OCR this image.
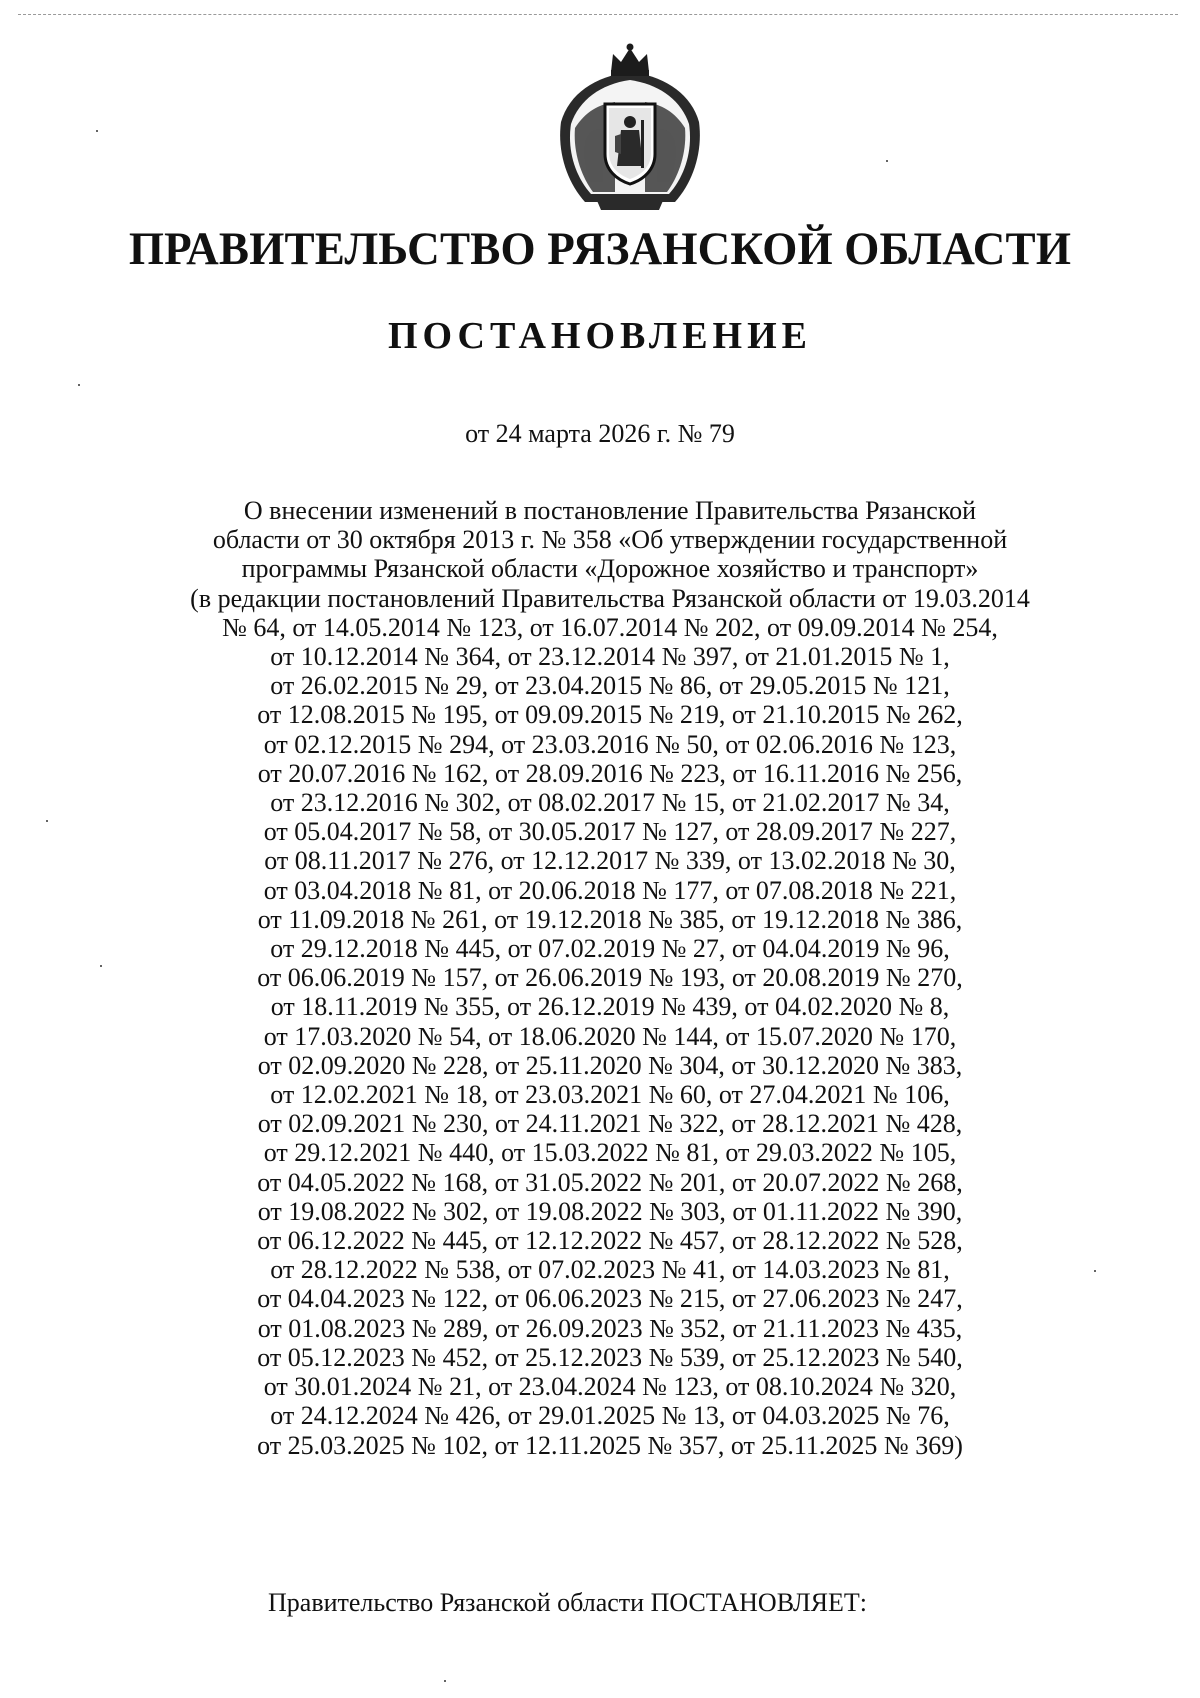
ПРАВИТЕЛЬСТВО РЯЗАНСКОЙ ОБЛАСТИ
ПОСТАНОВЛЕНИЕ

от 24 марта 2026 г. № 79

О внесении изменений в постановление Правительства Рязанской
области от 30 октября 2013 г. № 358 «Об утверждении государственной
программы Рязанской области «Дорожное хозяйство и транспорт»
(в редакции постановлений Правительства Рязанской области от 19.03.2014
№ 64, от 14.05.2014 № 123, от 16.07.2014 № 202, от 09.09.2014 № 254,
от 10.12.2014 № 364, от 23.12.2014 № 397, от 21.01.2015 № 1,
от 26.02.2015 № 29, от 23.04.2015 № 86, от 29.05.2015 № 121,
от 12.08.2015 № 195, от 09.09.2015 № 219, от 21.10.2015 № 262,
от 02.12.2015 № 294, от 23.03.2016 № 50, от 02.06.2016 № 123,
от 20.07.2016 № 162, от 28.09.2016 № 223, от 16.11.2016 № 256,
от 23.12.2016 № 302, от 08.02.2017 № 15, от 21.02.2017 № 34,
от 05.04.2017 № 58, от 30.05.2017 № 127, от 28.09.2017 № 227,
от 08.11.2017 № 276, от 12.12.2017 № 339, от 13.02.2018 № 30,
от 03.04.2018 № 81, от 20.06.2018 № 177, от 07.08.2018 № 221,
от 11.09.2018 № 261, от 19.12.2018 № 385, от 19.12.2018 № 386,
от 29.12.2018 № 445, от 07.02.2019 № 27, от 04.04.2019 № 96,
от 06.06.2019 № 157, от 26.06.2019 № 193, от 20.08.2019 № 270,
от 18.11.2019 № 355, от 26.12.2019 № 439, от 04.02.2020 № 8,
от 17.03.2020 № 54, от 18.06.2020 № 144, от 15.07.2020 № 170,
от 02.09.2020 № 228, от 25.11.2020 № 304, от 30.12.2020 № 383,
от 12.02.2021 № 18, от 23.03.2021 № 60, от 27.04.2021 № 106,
от 02.09.2021 № 230, от 24.11.2021 № 322, от 28.12.2021 № 428,
от 29.12.2021 № 440, от 15.03.2022 № 81, от 29.03.2022 № 105,
от 04.05.2022 № 168, от 31.05.2022 № 201, от 20.07.2022 № 268,
от 19.08.2022 № 302, от 19.08.2022 № 303, от 01.11.2022 № 390,
от 06.12.2022 № 445, от 12.12.2022 № 457, от 28.12.2022 № 528,
от 28.12.2022 № 538, от 07.02.2023 № 41, от 14.03.2023 № 81,
от 04.04.2023 № 122, от 06.06.2023 № 215, от 27.06.2023 № 247,
от 01.08.2023 № 289, от 26.09.2023 № 352, от 21.11.2023 № 435,
от 05.12.2023 № 452, от 25.12.2023 № 539, от 25.12.2023 № 540,
от 30.01.2024 № 21, от 23.04.2024 № 123, от 08.10.2024 № 320,
от 24.12.2024 № 426, от 29.01.2025 № 13, от 04.03.2025 № 76,
от 25.03.2025 № 102, от 12.11.2025 № 357, от 25.11.2025 № 369)

Правительство Рязанской области ПОСТАНОВЛЯЕТ:
